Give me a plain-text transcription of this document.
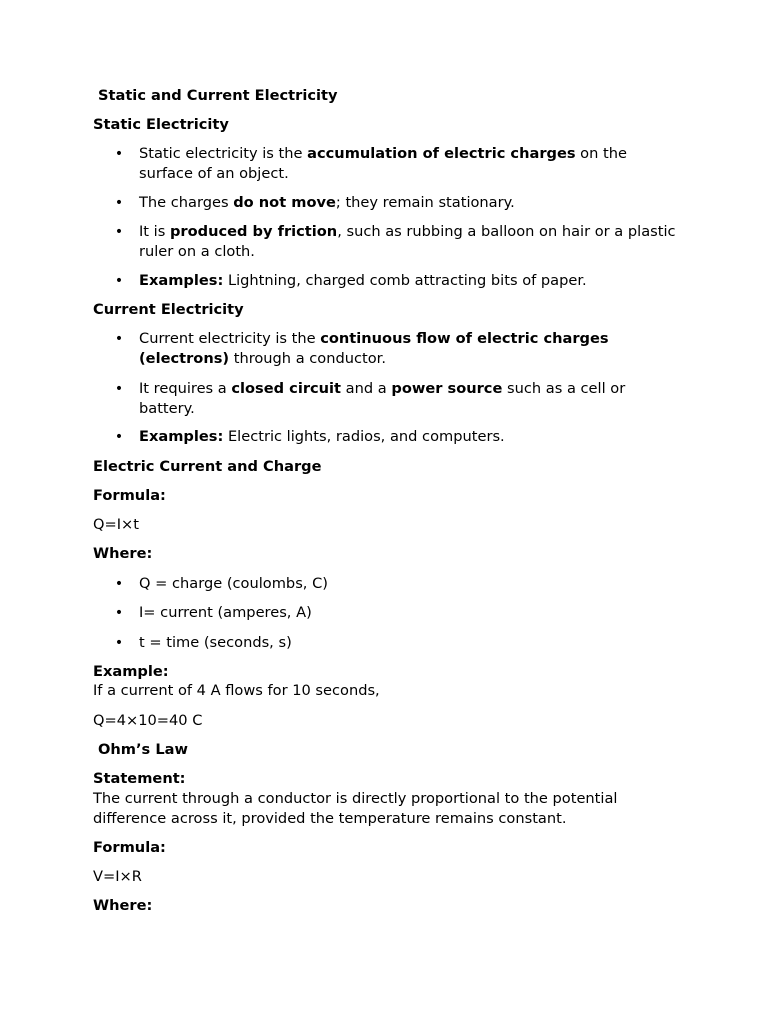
Static and Current Electricity
Static Electricity
• Static electricity is the accumulation of electric charges on the surface of an object.
• The charges do not move; they remain stationary.
• It is produced by friction, such as rubbing a balloon on hair or a plastic ruler on a cloth.
• Examples: Lightning, charged comb attracting bits of paper.
Current Electricity
• Current electricity is the continuous flow of electric charges (electrons) through a conductor.
• It requires a closed circuit and a power source such as a cell or battery.
• Examples: Electric lights, radios, and computers.
Electric Current and Charge
Formula:
Q=I×t
Where:
• Q = charge (coulombs, C)
• I= current (amperes, A)
• t = time (seconds, s)
Example:
If a current of 4 A flows for 10 seconds,
Q=4×10=40 C
Ohm’s Law
Statement:
The current through a conductor is directly proportional to the potential
difference across it, provided the temperature remains constant.
Formula:
V=I×R
Where:
